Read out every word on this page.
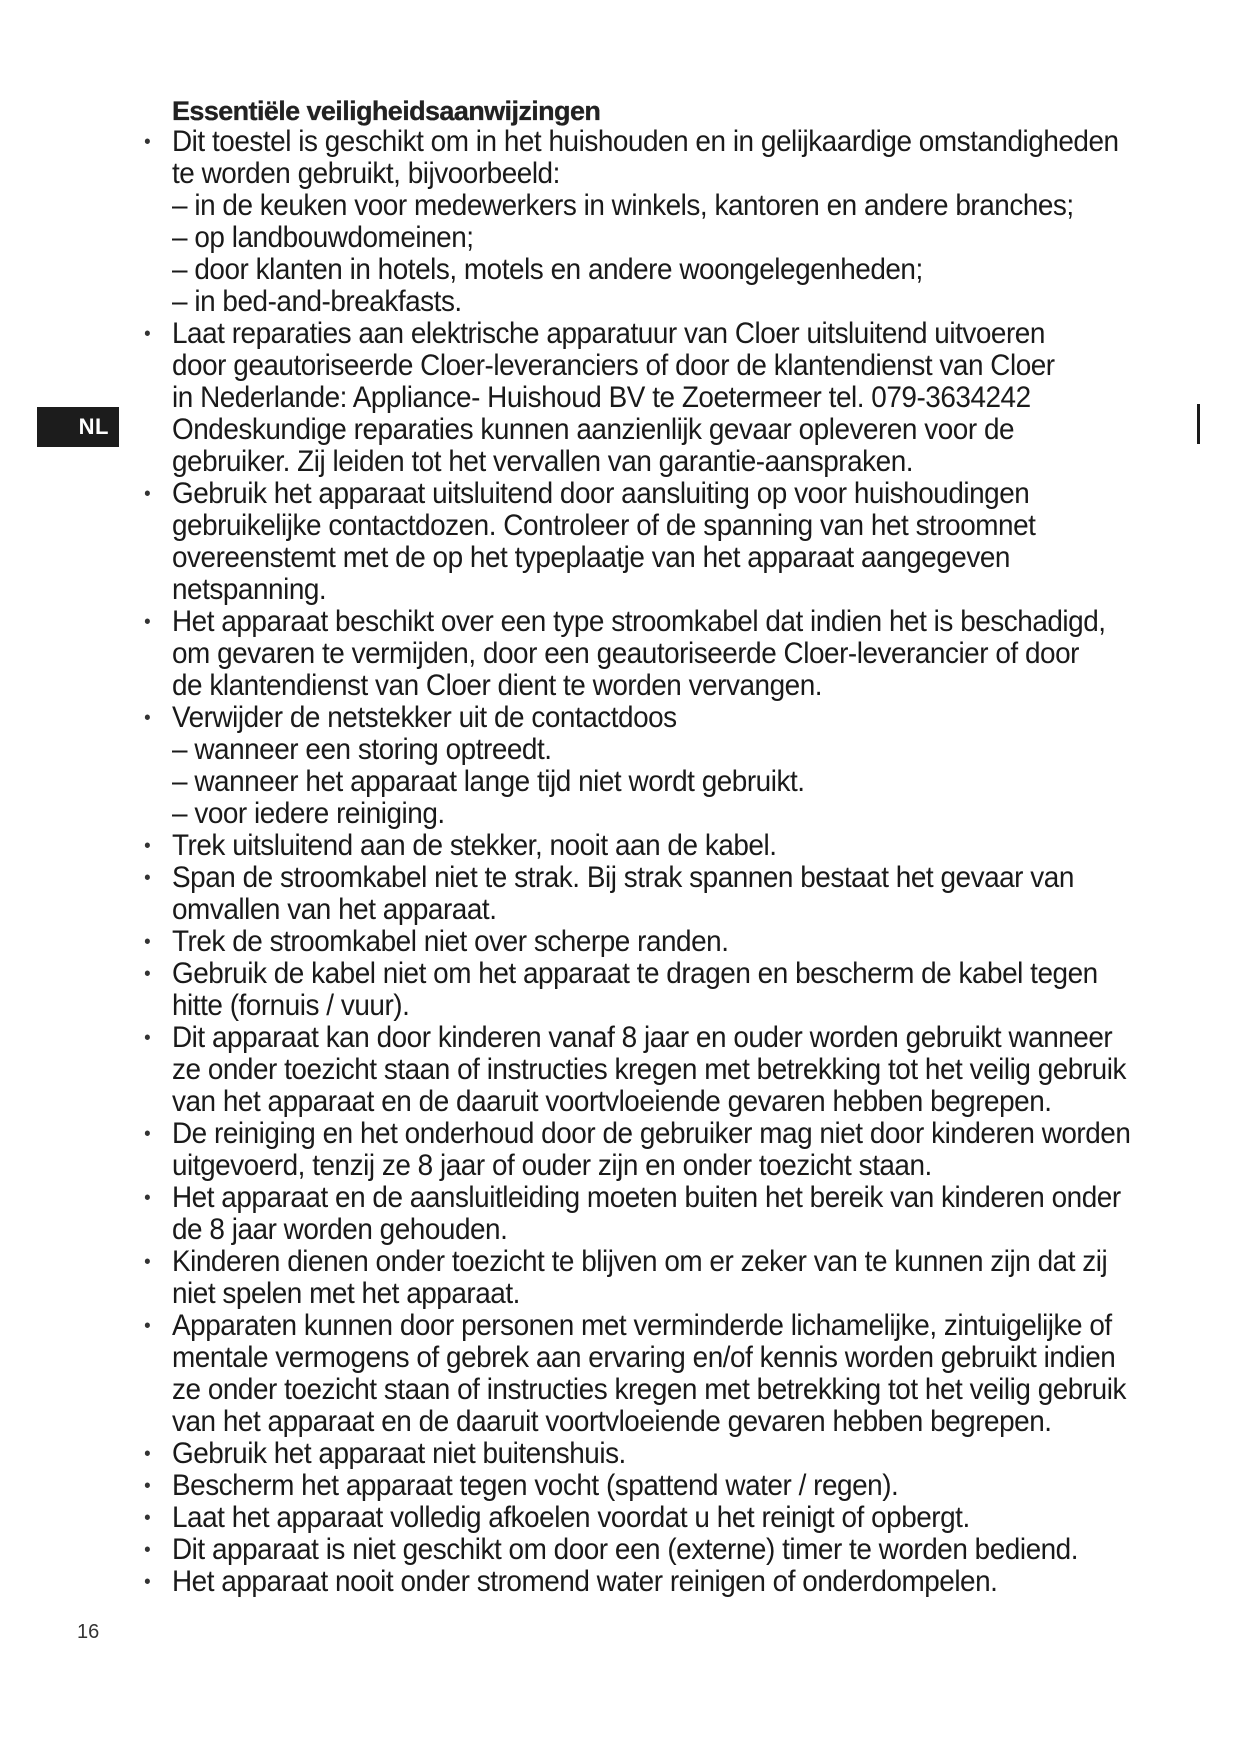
NL
Essentiële veiligheidsaanwijzingen
• Dit toestel is geschikt om in het huishouden en in gelijkaardige omstandigheden
te worden gebruikt, bijvoorbeeld:
– in de keuken voor medewerkers in winkels, kantoren en andere branches;
– op landbouwdomeinen;
– door klanten in hotels, motels en andere woongelegenheden;
– in bed-and-breakfasts.
• Laat reparaties aan elektrische apparatuur van Cloer uitsluitend uitvoeren
door geautoriseerde Cloer-leveranciers of door de klantendienst van Cloer
in Nederlande: Appliance- Huishoud BV te Zoetermeer tel. 079-3634242
Ondeskundige reparaties kunnen aanzienlijk gevaar opleveren voor de
gebruiker. Zij leiden tot het vervallen van garantie-aanspraken.
• Gebruik het apparaat uitsluitend door aansluiting op voor huishoudingen
gebruikelijke contactdozen. Controleer of de spanning van het stroomnet
overeenstemt met de op het typeplaatje van het apparaat aangegeven
netspanning.
• Het apparaat beschikt over een type stroomkabel dat indien het is beschadigd,
om gevaren te vermijden, door een geautoriseerde Cloer-leverancier of door
de klantendienst van Cloer dient te worden vervangen.
• Verwijder de netstekker uit de contactdoos
– wanneer een storing optreedt.
– wanneer het apparaat lange tijd niet wordt gebruikt.
– voor iedere reiniging.
• Trek uitsluitend aan de stekker, nooit aan de kabel.
• Span de stroomkabel niet te strak. Bij strak spannen bestaat het gevaar van
omvallen van het apparaat.
• Trek de stroomkabel niet over scherpe randen.
• Gebruik de kabel niet om het apparaat te dragen en bescherm de kabel tegen
hitte (fornuis / vuur).
• Dit apparaat kan door kinderen vanaf 8 jaar en ouder worden gebruikt wanneer
ze onder toezicht staan of instructies kregen met betrekking tot het veilig gebruik
van het apparaat en de daaruit voortvloeiende gevaren hebben begrepen.
• De reiniging en het onderhoud door de gebruiker mag niet door kinderen worden
uitgevoerd, tenzij ze 8 jaar of ouder zijn en onder toezicht staan.
• Het apparaat en de aansluitleiding moeten buiten het bereik van kinderen onder
de 8 jaar worden gehouden.
• Kinderen dienen onder toezicht te blijven om er zeker van te kunnen zijn dat zij
niet spelen met het apparaat.
• Apparaten kunnen door personen met verminderde lichamelijke, zintuigelijke of
mentale vermogens of gebrek aan ervaring en/of kennis worden gebruikt indien
ze onder toezicht staan of instructies kregen met betrekking tot het veilig gebruik
van het apparaat en de daaruit voortvloeiende gevaren hebben begrepen.
• Gebruik het apparaat niet buitenshuis.
• Bescherm het apparaat tegen vocht (spattend water / regen).
• Laat het apparaat volledig afkoelen voordat u het reinigt of opbergt.
• Dit apparaat is niet geschikt om door een (externe) timer te worden bediend.
• Het apparaat nooit onder stromend water reinigen of onderdompelen.
16
